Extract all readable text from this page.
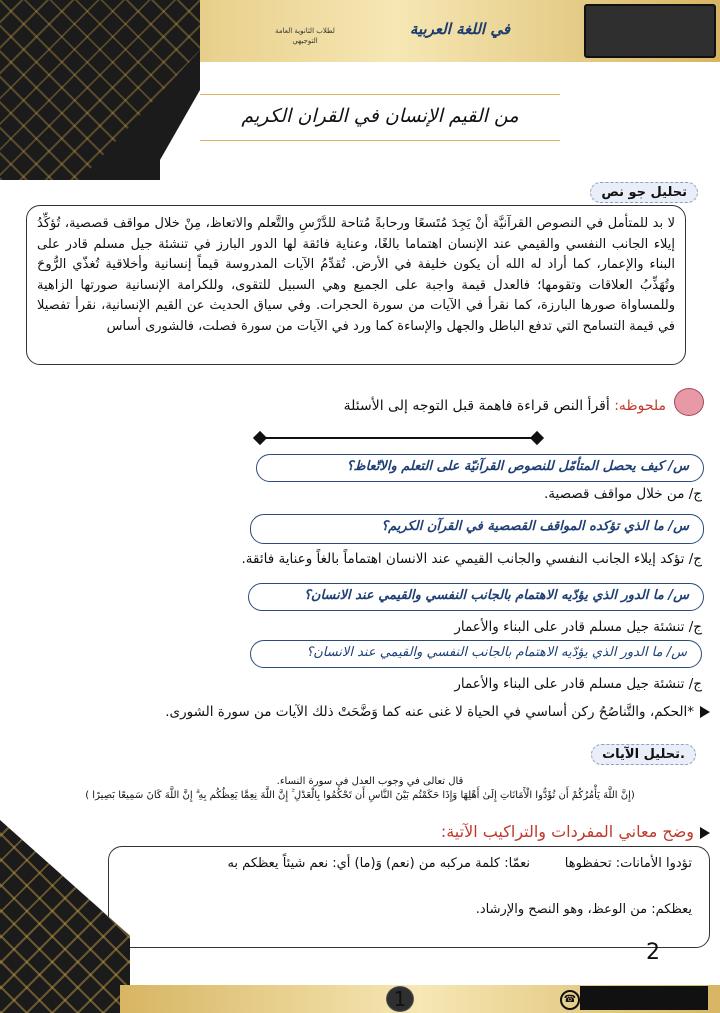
في اللغة العربية
لطلاب الثانوية العامة التوجيهي
من القيم الإنسان في القران الكريم
تحليل جو نص
لا بد للمتأمل في النصوص القرآنيَّة أنْ يَجِدَ مُتَسعًا ورحابةً مُتاحة للدَّرْسِ والتَّعلم والاتعاظ، مِنْ خلال مواقف قصصية، تُؤكِّدُ إيلاء الجانب النفسي والقيمي عند الإنسان اهتماما بالغًا، وعناية فائقة لها الدور البارز في تنشئة جيل مسلم قادر على البناء والإعمار، كما أراد له الله أن يكون خليفة في الأرض. تُقدِّمُ الآيات المدروسة قيماً إنسانية وأخلاقية تُغذّي الرُّوحَ وتُهَذِّبُ العلاقات وتقومها؛ فالعدل قيمة واجبة على الجميع وهي السبيل للتقوى، وللكرامة الإنسانية صورتها الزاهية وللمساواة صورها البارزة، كما نقرأ في الآيات من سورة الحجرات. وفي سياق الحديث عن القيم الإنسانية، نقرأ تفصيلا في قيمة التسامح التي تدفع الباطل والجهل والإساءة كما ورد في الآيات من سورة فصلت، فالشورى أساس
ملحوظه: أقرأ النص قراءة فاهمة قبل التوجه إلى الأسئلة
س/ كيف يحصل المتأمّل للنصوص القرآنيّة على التعلم والاتّعاظ؟
ج/ من خلال مواقف قصصية.
س/ ما الذي تؤكده المواقف القصصية في القرآن الكريم؟
ج/ تؤكد إيلاء الجانب النفسي والجانب القيمي عند الانسان اهتماماً بالغاً وعناية فائقة.
س/ ما الدور الذي يؤدّيه الاهتمام بالجانب النفسي والقيمي عند الانسان؟
ج/ تنشئة جيل مسلم قادر على البناء والأعمار
س/ ما الدور الذي يؤدّيه الاهتمام بالجانب النفسي والقيمي عند الانسان؟
ج/ تنشئة جيل مسلم قادر على البناء والأعمار
*الحكم، والتَّناصُحُ ركن أساسي في الحياة لا غنى عنه كما وَضَّحَتْ ذلك الآيات من سورة الشورى.
تحليل الآيات.
قال تعالى في وجوب العدل في سورة النساء.
(إِنَّ اللَّهَ يَأْمُرُكُمْ أَن تُؤَدُّوا الْأَمَانَاتِ إِلَىٰ أَهْلِهَا وَإِذَا حَكَمْتُم بَيْنَ النَّاسِ أَن تَحْكُمُوا بِالْعَدْلِ ۚ إِنَّ اللَّهَ نِعِمَّا يَعِظُكُم بِهِ ۗ إِنَّ اللَّهَ كَانَ سَمِيعًا بَصِيرًا )
وضح معاني المفردات والتراكيب الآتية:
تؤدوا الأمانات: تحفظوها
نعمّا: كلمة مركبه من (نعم) وَ(ما) أي: نعم شيئاً يعظكم به
يعظكم: من الوعظ، وهو النصح والإرشاد.
2
1	☎
